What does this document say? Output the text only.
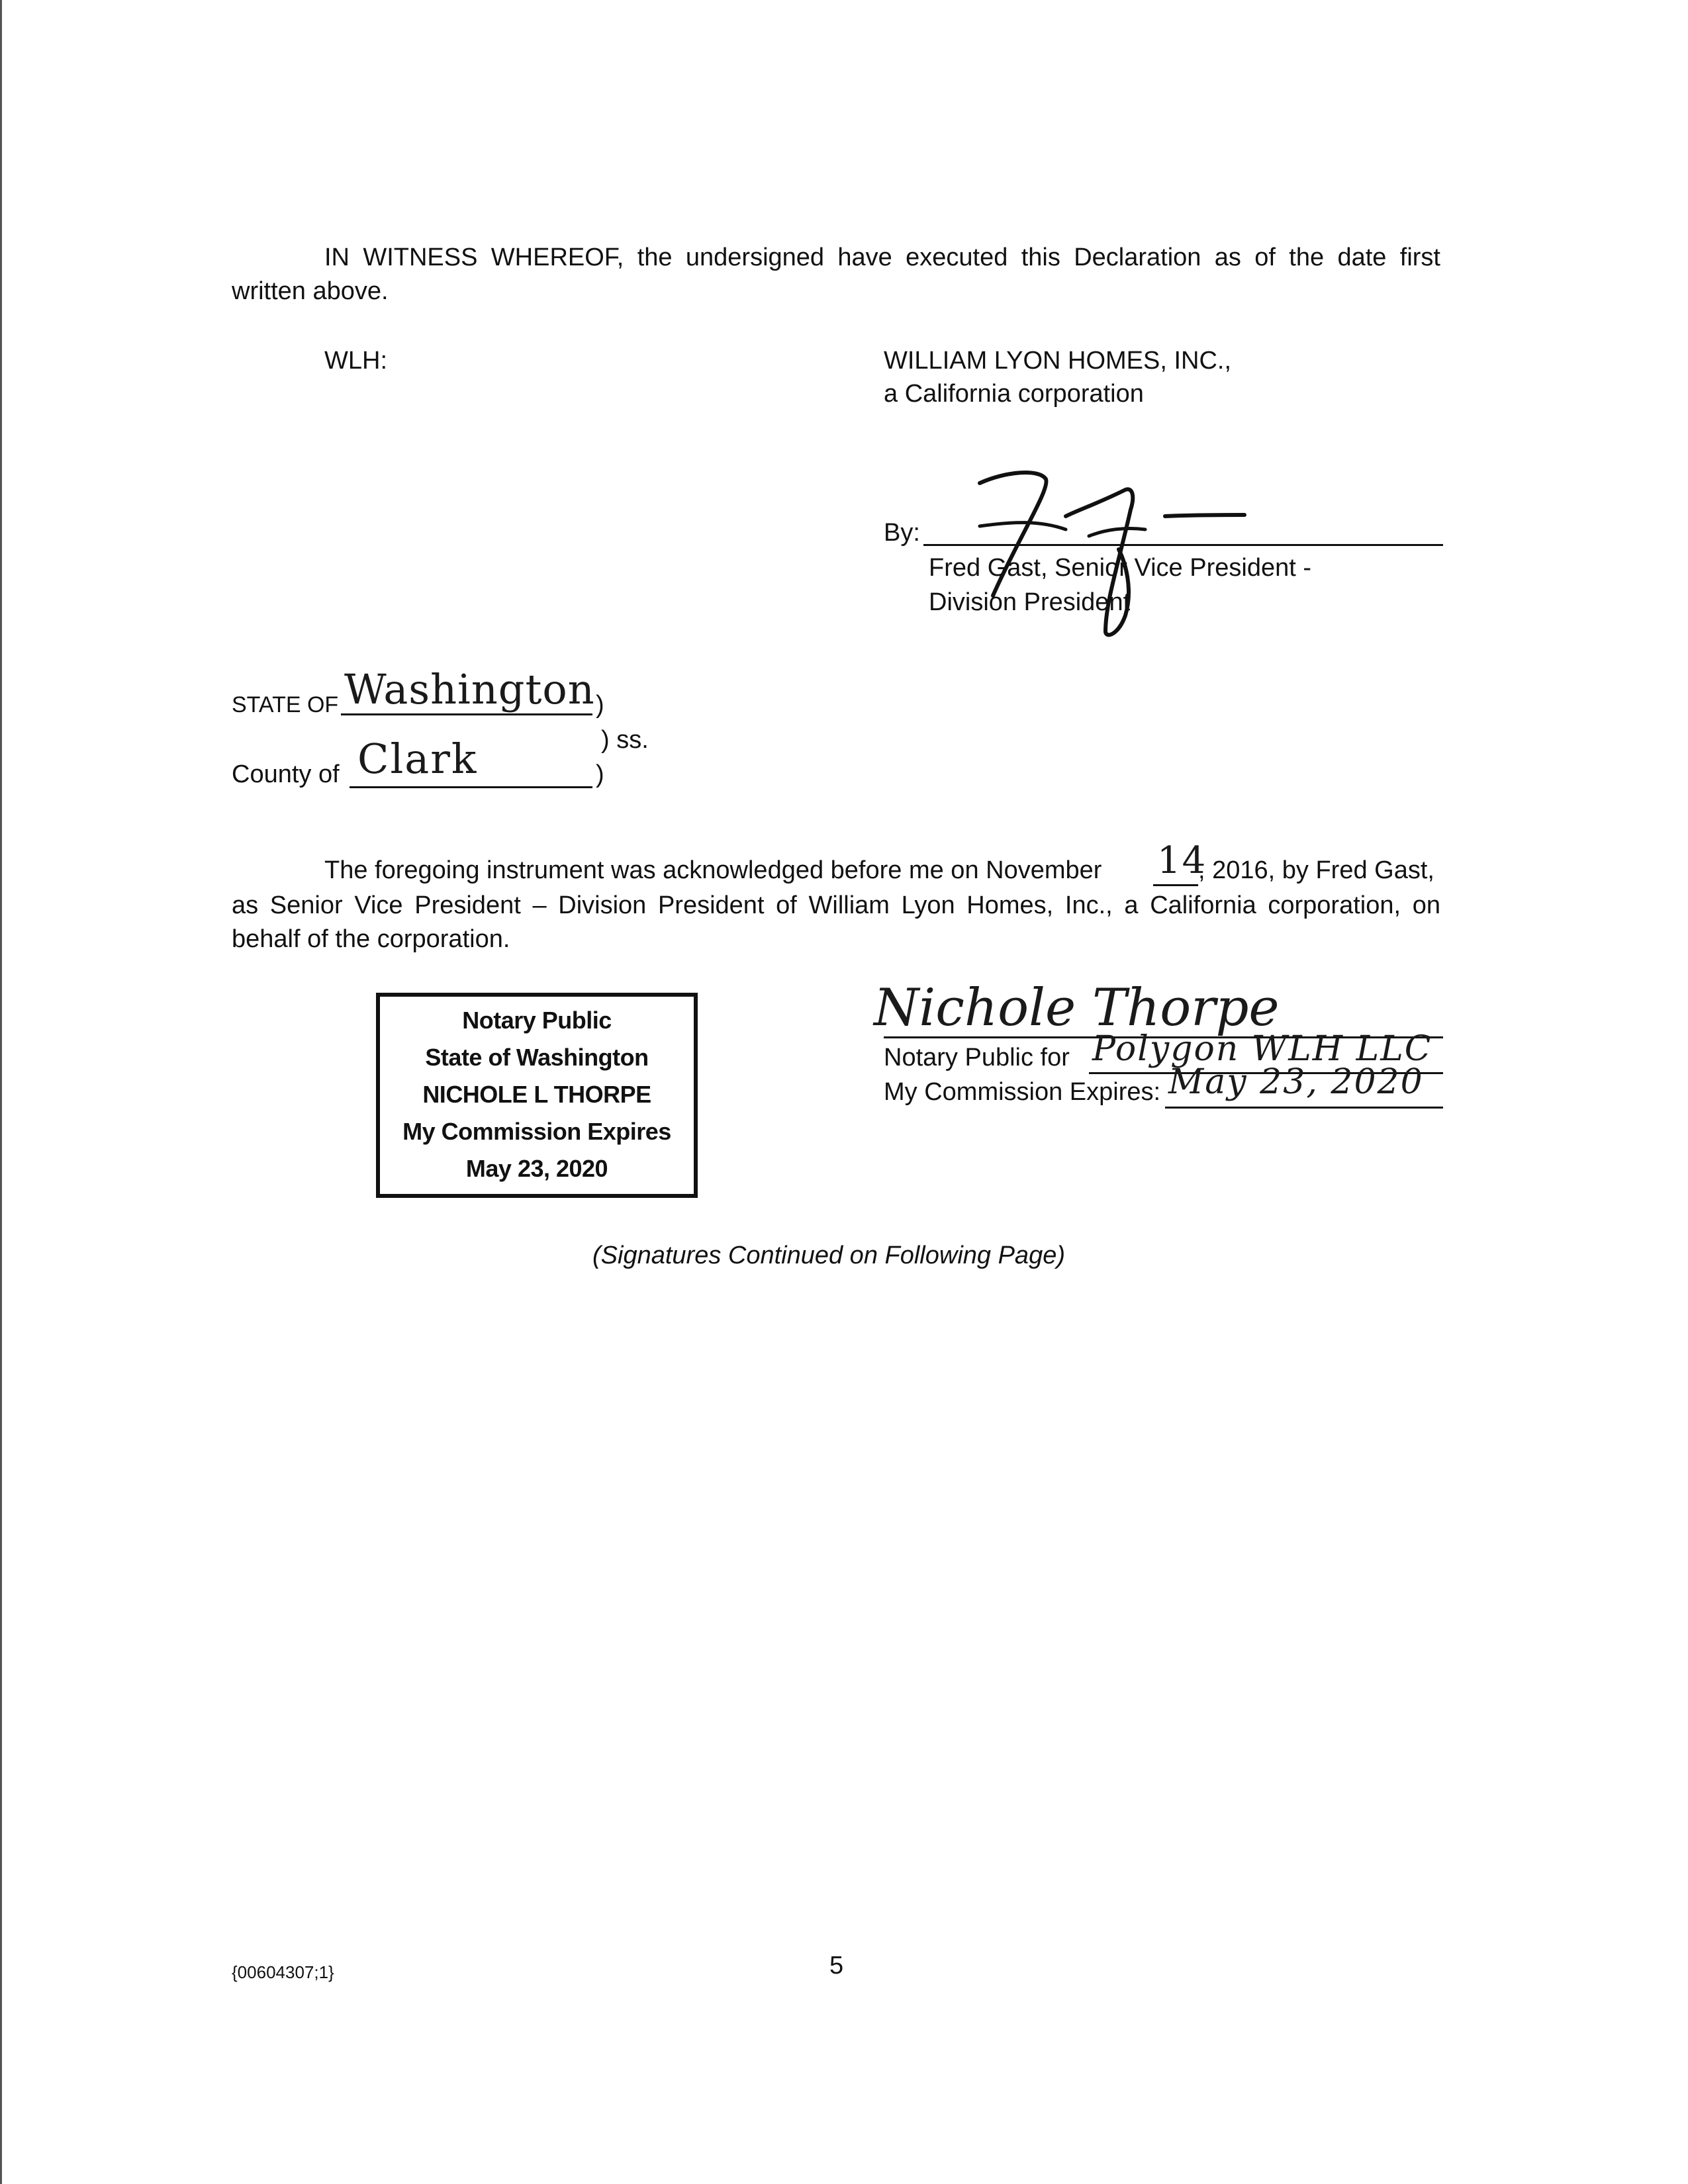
IN WITNESS WHEREOF, the undersigned have executed this Declaration as of the date first
written above.
WLH:	WILLIAM LYON HOMES, INC.,
a California corporation
By:
Fred Gast, Senior Vice President -
Division President
STATE OF Washington )
) ss.
County of Clark	)
The foregoing instrument was acknowledged before me on November 14
, 2016, by Fred Gast,
as Senior Vice President – Division President of William Lyon Homes, Inc., a California corporation, on
behalf of the corporation.
Notary Public
State of Washington
NICHOLE L THORPE
My Commission Expires
May 23, 2020
Nichole Thorpe
Notary Public for Polygon WLH LLC
My Commission Expires: May 23, 2020
(Signatures Continued on Following Page)
{00604307;1}	5
